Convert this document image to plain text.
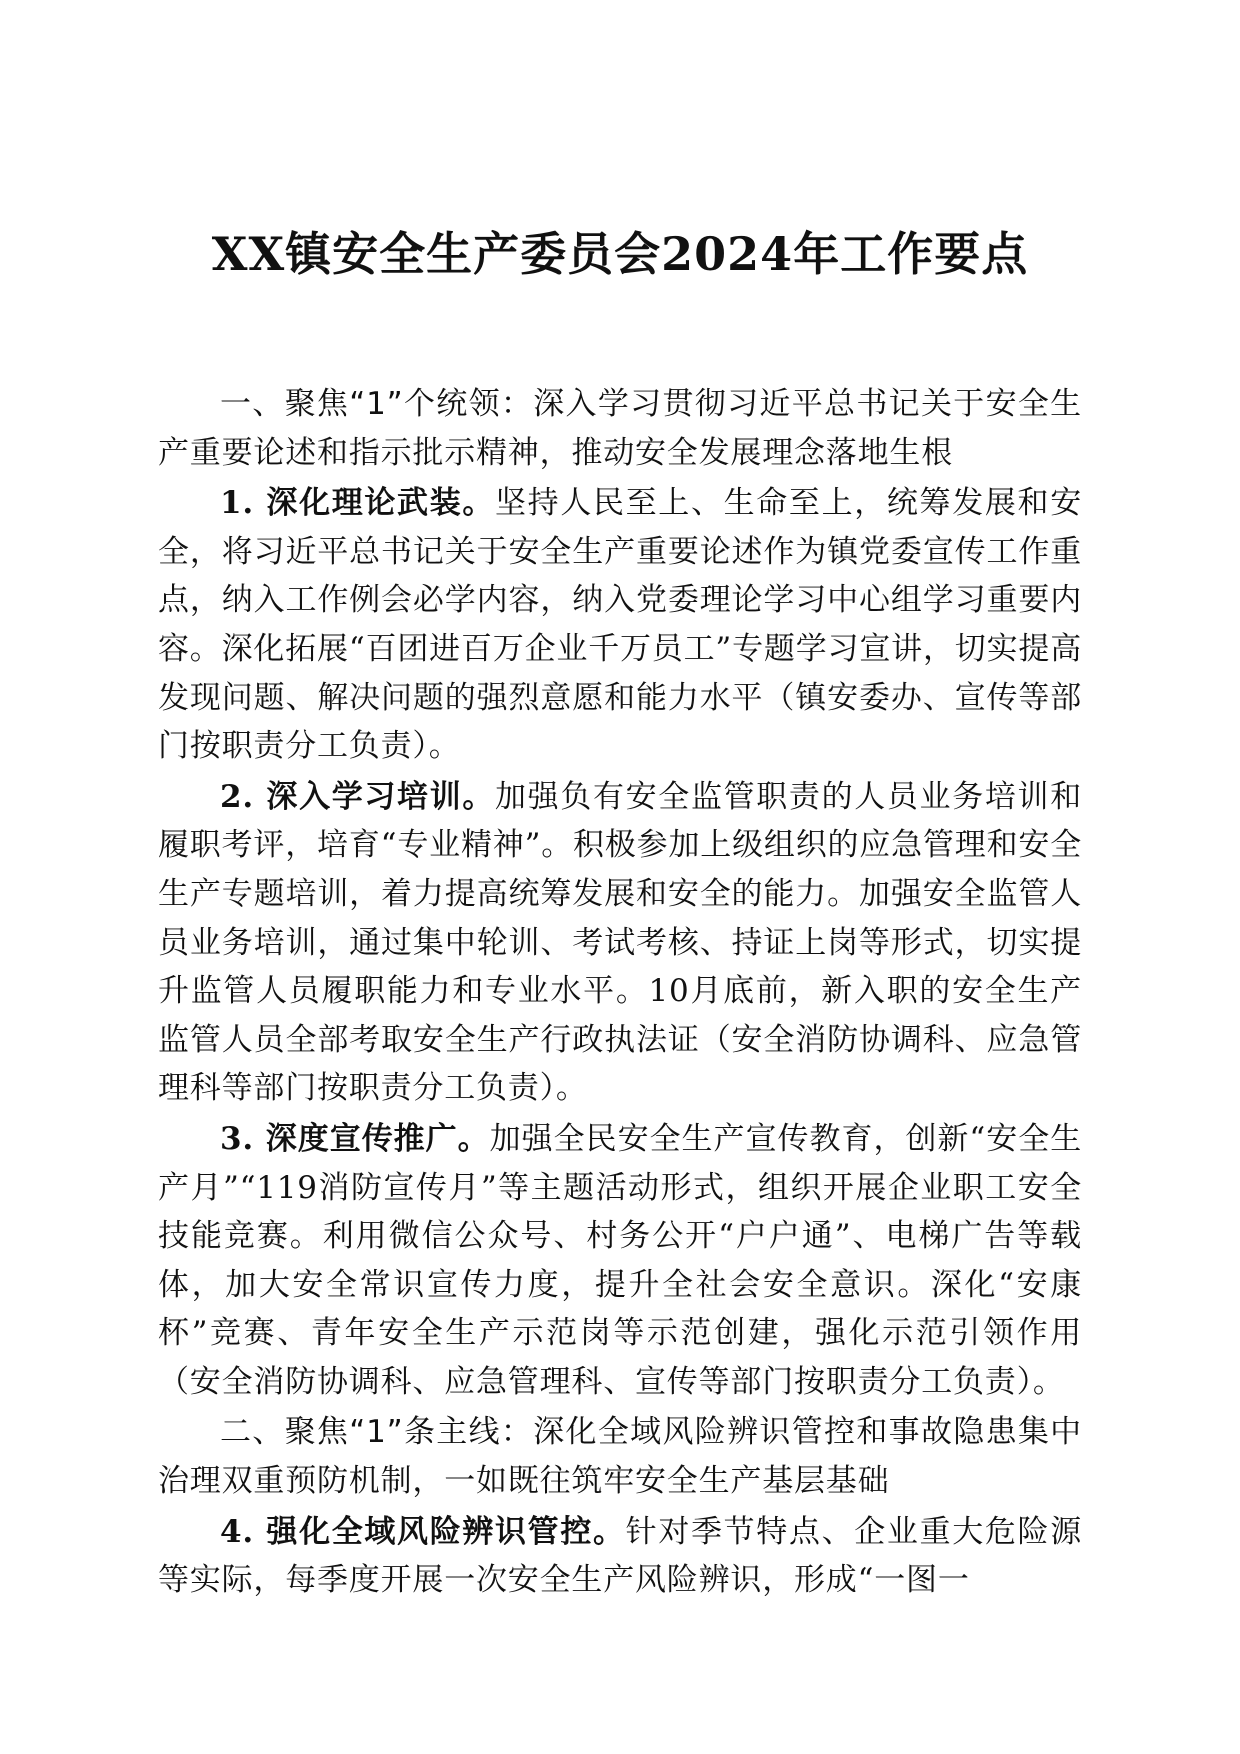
XX镇安全生产委员会2024年工作要点

一、聚焦“1”个统领：深入学习贯彻习近平总书记关于安全生产重要论述和指示批示精神，推动安全发展理念落地生根

1. 深化理论武装。坚持人民至上、生命至上，统筹发展和安全，将习近平总书记关于安全生产重要论述作为镇党委宣传工作重点，纳入工作例会必学内容，纳入党委理论学习中心组学习重要内容。深化拓展“百团进百万企业千万员工”专题学习宣讲，切实提高发现问题、解决问题的强烈意愿和能力水平（镇安委办、宣传等部门按职责分工负责）。

2. 深入学习培训。加强负有安全监管职责的人员业务培训和履职考评，培育“专业精神”。积极参加上级组织的应急管理和安全生产专题培训，着力提高统筹发展和安全的能力。加强安全监管人员业务培训，通过集中轮训、考试考核、持证上岗等形式，切实提升监管人员履职能力和专业水平。10月底前，新入职的安全生产监管人员全部考取安全生产行政执法证（安全消防协调科、应急管理科等部门按职责分工负责）。

3. 深度宣传推广。加强全民安全生产宣传教育，创新“安全生产月”“119消防宣传月”等主题活动形式，组织开展企业职工安全技能竞赛。利用微信公众号、村务公开“户户通”、电梯广告等载体，加大安全常识宣传力度，提升全社会安全意识。深化“安康杯”竞赛、青年安全生产示范岗等示范创建，强化示范引领作用（安全消防协调科、应急管理科、宣传等部门按职责分工负责）。

二、聚焦“1”条主线：深化全域风险辨识管控和事故隐患集中治理双重预防机制，一如既往筑牢安全生产基层基础

4. 强化全域风险辨识管控。针对季节特点、企业重大危险源等实际，每季度开展一次安全生产风险辨识，形成“一图一
